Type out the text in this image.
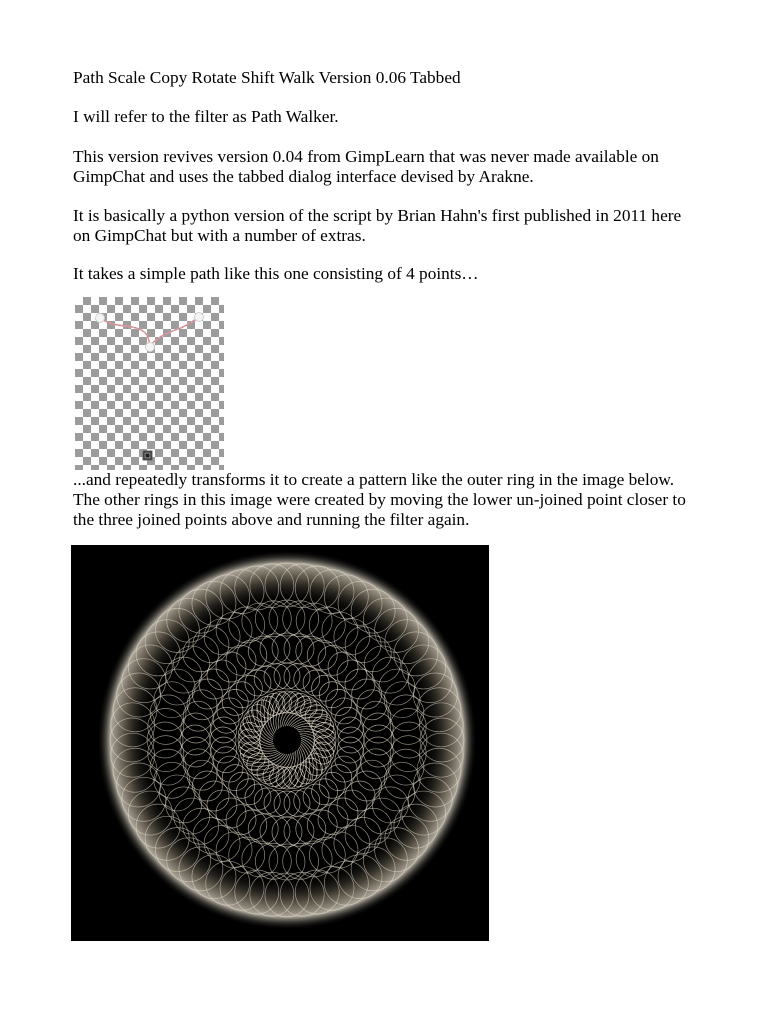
Path Scale Copy Rotate Shift Walk Version 0.06 Tabbed

I will refer to the filter as Path Walker.

This version revives version 0.04 from GimpLearn that was never made available on GimpChat and uses the tabbed dialog interface devised by Arakne.

It is basically a python version of the script by Brian Hahn's first published in 2011 here on GimpChat but with a number of extras.

It takes a simple path like this one consisting of 4 points…

...and repeatedly transforms it to create a pattern like the outer ring in the image below. The other rings in this image were created by moving the lower un-joined point closer to the three joined points above and running the filter again.
